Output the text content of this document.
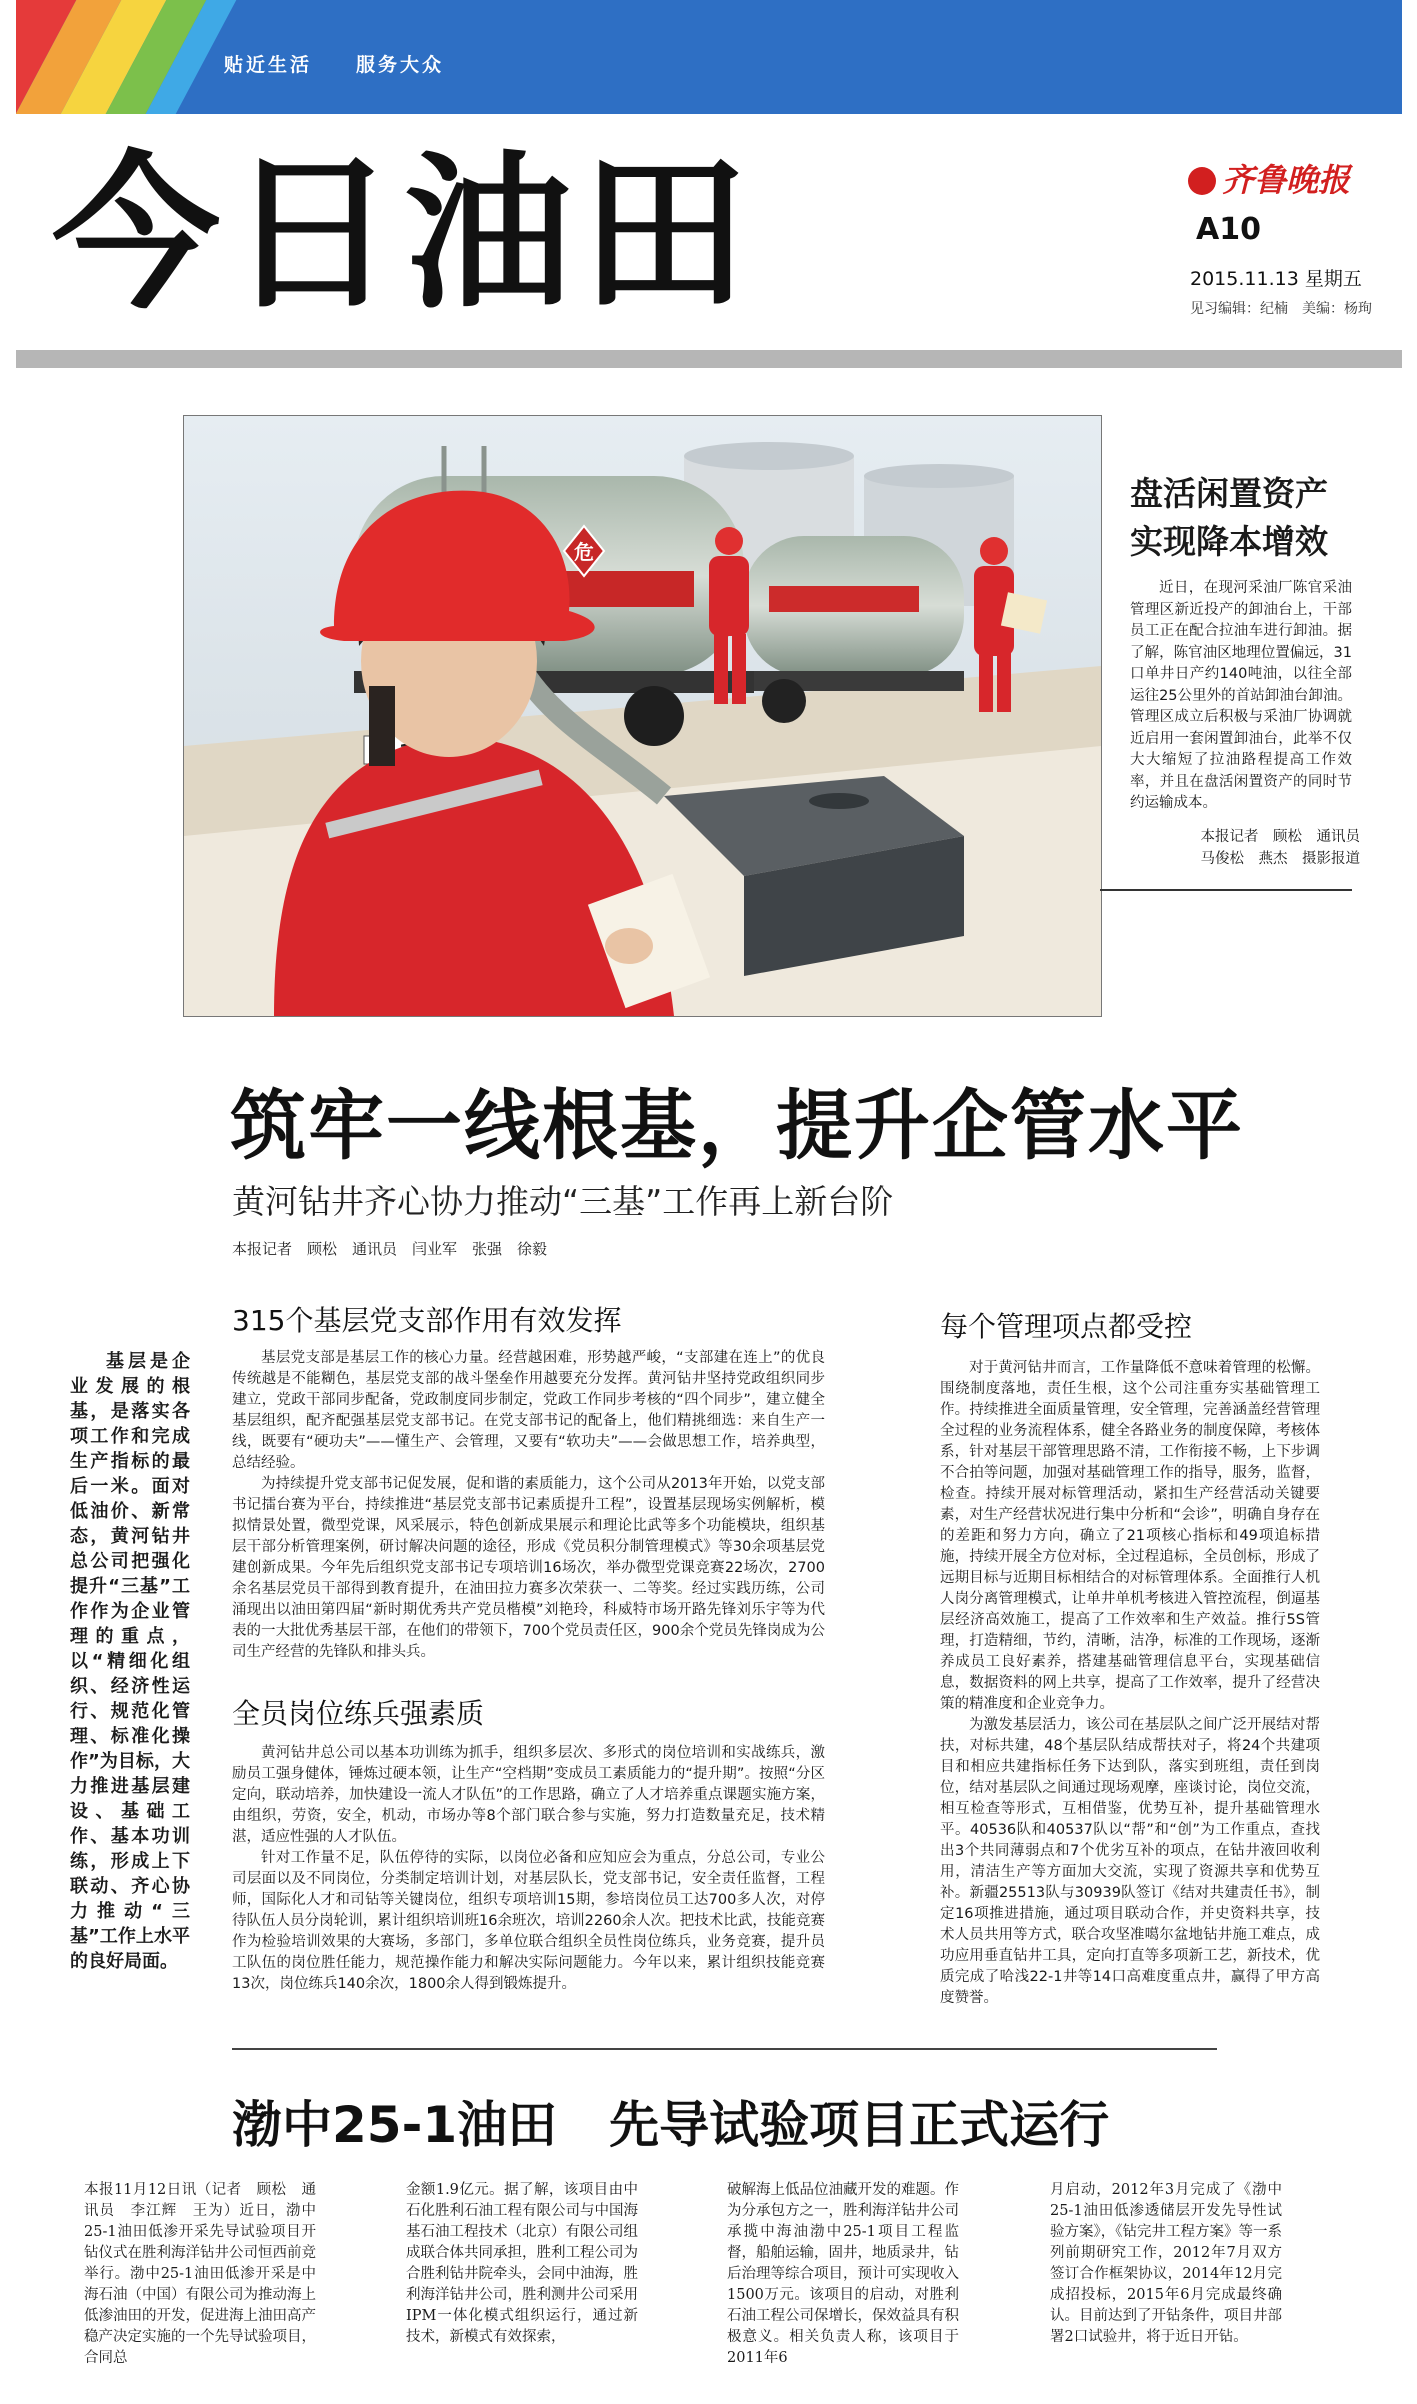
贴近生活 服务大众
今日油田	齐鲁晚报
A10
2015.11.13 星期五
见习编辑：纪楠　美编：杨珣
危
盘活闲置资产
实现降本增效

近日，在现河采油厂陈官采油管理区新近投产的卸油台上，干部员工正在配合拉油车进行卸油。据了解，陈官油区地理位置偏远，31口单井日产约140吨油，以往全部运往25公里外的首站卸油台卸油。管理区成立后积极与采油厂协调就近启用一套闲置卸油台，此举不仅大大缩短了拉油路程提高工作效率，并且在盘活闲置资产的同时节约运输成本。

本报记者　顾松　通讯员
马俊松　燕杰　摄影报道
筑牢一线根基，提升企管水平
黄河钻井齐心协力推动“三基”工作再上新台阶
本报记者　顾松　通讯员　闫业军　张强　徐毅

基层是企业发展的根基，是落实各项工作和完成生产指标的最后一米。面对低油价、新常态，黄河钻井总公司把强化提升“三基”工作作为企业管理的重点，以“精细化组织、经济性运行、规范化管理、标准化操作”为目标，大力推进基层建设、基础工作、基本功训练，形成上下联动、齐心协力推动“三基”工作上水平的良好局面。

315个基层党支部作用有效发挥

基层党支部是基层工作的核心力量。经营越困难，形势越严峻，“支部建在连上”的优良传统越是不能糊色，基层党支部的战斗堡垒作用越要充分发挥。黄河钻井坚持党政组织同步建立，党政干部同步配备，党政制度同步制定，党政工作同步考核的“四个同步”，建立健全基层组织，配齐配强基层党支部书记。在党支部书记的配备上，他们精挑细选：来自生产一线，既要有“硬功夫”——懂生产、会管理，又要有“软功夫”——会做思想工作，培养典型，总结经验。

为持续提升党支部书记促发展，促和谐的素质能力，这个公司从2013年开始，以党支部书记擂台赛为平台，持续推进“基层党支部书记素质提升工程”，设置基层现场实例解析，模拟情景处置，微型党课，风采展示，特色创新成果展示和理论比武等多个功能模块，组织基层干部分析管理案例，研讨解决问题的途径，形成《党员积分制管理模式》等30余项基层党建创新成果。今年先后组织党支部书记专项培训16场次，举办微型党课竞赛22场次，2700余名基层党员干部得到教育提升，在油田拉力赛多次荣获一、二等奖。经过实践历练，公司涌现出以油田第四届“新时期优秀共产党员楷模”刘艳玲，科威特市场开路先锋刘乐宇等为代表的一大批优秀基层干部，在他们的带领下，700个党员责任区，900余个党员先锋岗成为公司生产经营的先锋队和排头兵。

全员岗位练兵强素质

黄河钻井总公司以基本功训练为抓手，组织多层次、多形式的岗位培训和实战练兵，激励员工强身健体，锤炼过硬本领，让生产“空档期”变成员工素质能力的“提升期”。按照“分区定向，联动培养，加快建设一流人才队伍”的工作思路，确立了人才培养重点课题实施方案，由组织，劳资，安全，机动，市场办等8个部门联合参与实施，努力打造数量充足，技术精湛，适应性强的人才队伍。

针对工作量不足，队伍停待的实际，以岗位必备和应知应会为重点，分总公司，专业公司层面以及不同岗位，分类制定培训计划，对基层队长，党支部书记，安全责任监督，工程师，国际化人才和司钻等关键岗位，组织专项培训15期，参培岗位员工达700多人次，对停待队伍人员分岗轮训，累计组织培训班16余班次，培训2260余人次。把技术比武，技能竞赛作为检验培训效果的大赛场，多部门，多单位联合组织全员性岗位练兵，业务竞赛，提升员工队伍的岗位胜任能力，规范操作能力和解决实际问题能力。今年以来，累计组织技能竞赛13次，岗位练兵140余次，1800余人得到锻炼提升。

每个管理项点都受控

对于黄河钻井而言，工作量降低不意味着管理的松懈。围绕制度落地，责任生根，这个公司注重夯实基础管理工作。持续推进全面质量管理，安全管理，完善涵盖经营管理全过程的业务流程体系，健全各路业务的制度保障，考核体系，针对基层干部管理思路不清，工作衔接不畅，上下步调不合拍等问题，加强对基础管理工作的指导，服务，监督，检查。持续开展对标管理活动，紧扣生产经营活动关键要素，对生产经营状况进行集中分析和“会诊”，明确自身存在的差距和努力方向，确立了21项核心指标和49项追标措施，持续开展全方位对标，全过程追标，全员创标，形成了远期目标与近期目标相结合的对标管理体系。全面推行人机人岗分离管理模式，让单井单机考核进入管控流程，倒逼基层经济高效施工，提高了工作效率和生产效益。推行5S管理，打造精细，节约，清晰，洁净，标准的工作现场，逐渐养成员工良好素养，搭建基础管理信息平台，实现基础信息，数据资料的网上共享，提高了工作效率，提升了经营决策的精准度和企业竞争力。

为激发基层活力，该公司在基层队之间广泛开展结对帮扶，对标共建，48个基层队结成帮扶对子，将24个共建项目和相应共建指标任务下达到队，落实到班组，责任到岗位，结对基层队之间通过现场观摩，座谈讨论，岗位交流，相互检查等形式，互相借鉴，优势互补，提升基础管理水平。40536队和40537队以“帮”和“创”为工作重点，查找出3个共同薄弱点和7个优劣互补的项点，在钻井液回收利用，清洁生产等方面加大交流，实现了资源共享和优势互补。新疆25513队与30939队签订《结对共建责任书》，制定16项推进措施，通过项目联动合作，并史资料共享，技术人员共用等方式，联合攻坚准噶尔盆地钻井施工难点，成功应用垂直钻井工具，定向打直等多项新工艺，新技术，优质完成了哈浅22-1井等14口高难度重点井，赢得了甲方高度赞誉。

渤中25-1油田 先导试验项目正式运行

本报11月12日讯（记者　顾松　通讯员　李江辉　王为）近日，渤中25-1油田低渗开采先导试验项目开钻仪式在胜利海洋钻井公司恒西前竞举行。渤中25-1油田低渗开采是中海石油（中国）有限公司为推动海上低渗油田的开发，促进海上油田高产稳产决定实施的一个先导试验项目，合同总

金额1.9亿元。据了解，该项目由中石化胜利石油工程有限公司与中国海基石油工程技术（北京）有限公司组成联合体共同承担，胜利工程公司为合胜利钻井院牵头，会同中油海，胜利海洋钻井公司，胜利测井公司采用IPM一体化模式组织运行，通过新技术，新模式有效探索，

破解海上低品位油藏开发的难题。作为分承包方之一，胜利海洋钻井公司承揽中海油渤中25-1项目工程监督，船舶运输，固井，地质录井，钻后治理等综合项目，预计可实现收入1500万元。该项目的启动，对胜利石油工程公司保增长，保效益具有积极意义。相关负责人称，该项目于2011年6

月启动，2012年3月完成了《渤中25-1油田低渗透储层开发先导性试验方案》，《钻完井工程方案》等一系列前期研究工作，2012年7月双方签订合作框架协议，2014年12月完成招投标，2015年6月完成最终确认。目前达到了开钻条件，项目井部署2口试验井，将于近日开钻。
